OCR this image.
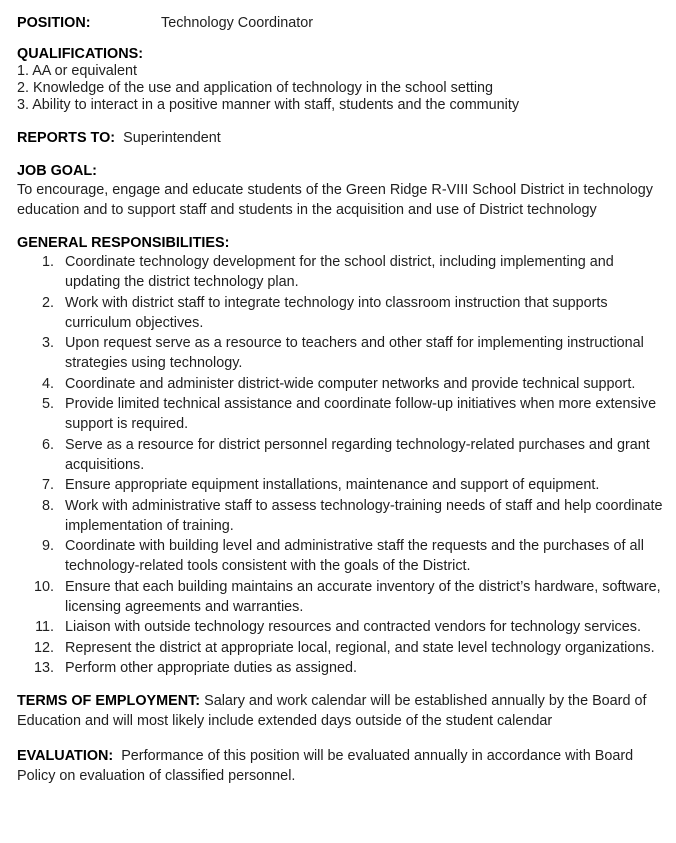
POSITION:	Technology Coordinator
QUALIFICATIONS:
1. AA or equivalent
2. Knowledge of the use and application of technology in the school setting
3. Ability to interact in a positive manner with staff, students and the community
REPORTS TO: Superintendent
JOB GOAL:
To encourage, engage and educate students of the Green Ridge R-VIII School District in technology education and to support staff and students in the acquisition and use of District technology
GENERAL RESPONSIBILITIES:
1. Coordinate technology development for the school district, including implementing and updating the district technology plan.
2. Work with district staff to integrate technology into classroom instruction that supports curriculum objectives.
3. Upon request serve as a resource to teachers and other staff for implementing instructional strategies using technology.
4. Coordinate and administer district-wide computer networks and provide technical support.
5. Provide limited technical assistance and coordinate follow-up initiatives when more extensive support is required.
6. Serve as a resource for district personnel regarding technology-related purchases and grant acquisitions.
7. Ensure appropriate equipment installations, maintenance and support of equipment.
8. Work with administrative staff to assess technology-training needs of staff and help coordinate implementation of training.
9. Coordinate with building level and administrative staff the requests and the purchases of all technology-related tools consistent with the goals of the District.
10. Ensure that each building maintains an accurate inventory of the district’s hardware, software, licensing agreements and warranties.
11. Liaison with outside technology resources and contracted vendors for technology services.
12. Represent the district at appropriate local, regional, and state level technology organizations.
13. Perform other appropriate duties as assigned.
TERMS OF EMPLOYMENT: Salary and work calendar will be established annually by the Board of Education and will most likely include extended days outside of the student calendar
EVALUATION: Performance of this position will be evaluated annually in accordance with Board Policy on evaluation of classified personnel.
